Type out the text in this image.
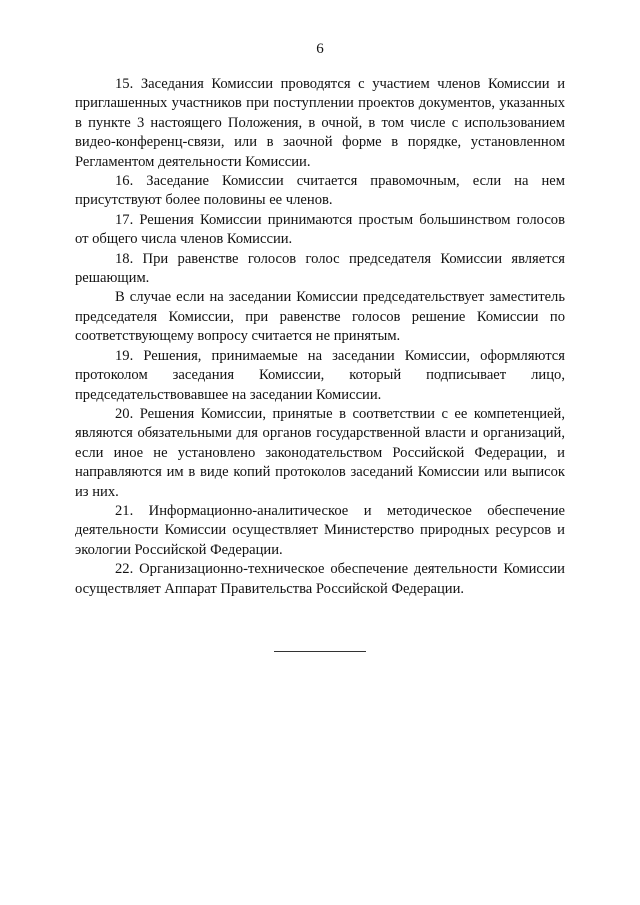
6

15. Заседания Комиссии проводятся с участием членов Комиссии и приглашенных участников при поступлении проектов документов, указанных в пункте 3 настоящего Положения, в очной, в том числе с использованием видео-конференц-связи, или в заочной форме в порядке, установленном Регламентом деятельности Комиссии.

16. Заседание Комиссии считается правомочным, если на нем присутствуют более половины ее членов.

17. Решения Комиссии принимаются простым большинством голосов от общего числа членов Комиссии.

18. При равенстве голосов голос председателя Комиссии является решающим.

В случае если на заседании Комиссии председательствует заместитель председателя Комиссии, при равенстве голосов решение Комиссии по соответствующему вопросу считается не принятым.

19. Решения, принимаемые на заседании Комиссии, оформляются протоколом заседания Комиссии, который подписывает лицо, председательствовавшее на заседании Комиссии.

20. Решения Комиссии, принятые в соответствии с ее компетенцией, являются обязательными для органов государственной власти и организаций, если иное не установлено законодательством Российской Федерации, и направляются им в виде копий протоколов заседаний Комиссии или выписок из них.

21. Информационно-аналитическое и методическое обеспечение деятельности Комиссии осуществляет Министерство природных ресурсов и экологии Российской Федерации.

22. Организационно-техническое обеспечение деятельности Комиссии осуществляет Аппарат Правительства Российской Федерации.
